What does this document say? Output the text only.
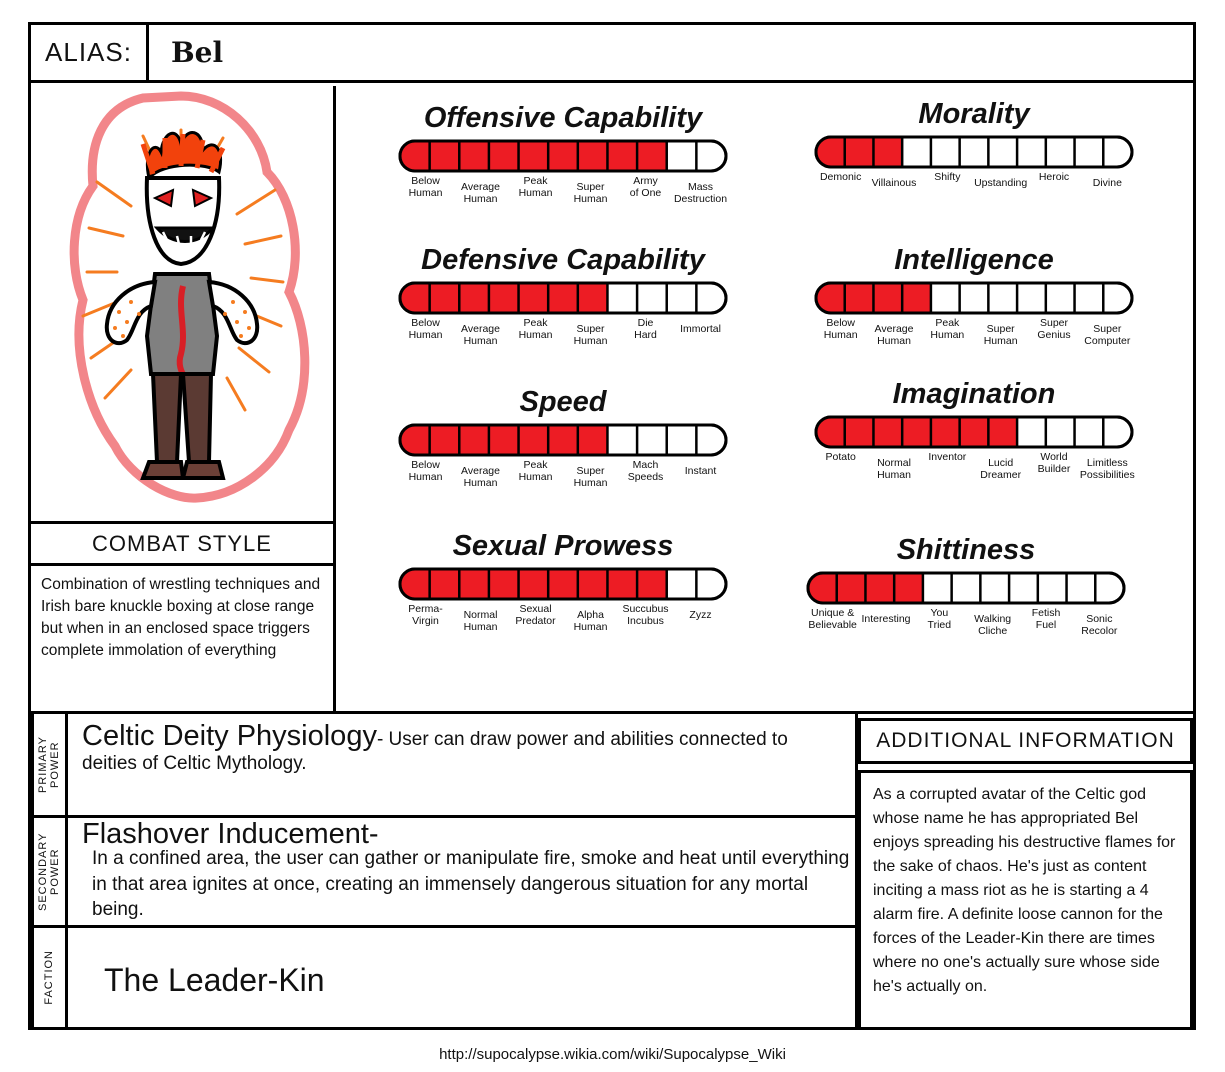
ALIAS:	Bel
COMBAT STYLE
Combination of wrestling techniques and Irish bare knuckle boxing at close range but when in an enclosed space triggers complete immolation of everything
Offensive Capability
Below
Human Average
Human
Peak
Human Super
Human
Army
of One	Mass
Destruction
Defensive Capability
Below
Human Average
Human
Peak
Human Super
Human
Die
Hard Immortal
Speed
Below
Human Average
Human
Peak
Human Super
Human
Mach
Speeds Instant
Sexual Prowess
Perma-
Virgin	Normal
Human
Sexual
Predator	Alpha
Human
Succubus
Incubus	Zyzz
Morality
Demonic Villainous Shifty Upstanding Heroic Divine
Intelligence
Below
Human Average
Human
Peak
Human Super
Human
Super
Genius	Super
Computer
Imagination
Potato Normal
Human
Inventor	Lucid
Dreamer
World
Builder	Limitless
Possibilities
Shittiness
Unique &
Believable Interesting You
Tried Walking
Cliche
Fetish
Fuel	Sonic
Recolor
PRIMARY POWER
Celtic Deity Physiology- User can draw power and abilities connected to deities of Celtic Mythology.
SECONDARY POWER
Flashover Inducement-
In a confined area, the user can gather or manipulate fire, smoke and heat until everything in that area ignites at once, creating an immensely dangerous situation for any mortal being.
FACTION	The Leader-Kin
ADDITIONAL INFORMATION
As a corrupted avatar of the Celtic god whose name he has appropriated Bel enjoys spreading his destructive flames for the sake of chaos. He's just as content inciting a mass riot as he is starting a 4 alarm fire. A definite loose cannon for the forces of the Leader-Kin there are times where no one's actually sure whose side he's actually on.
http://supocalypse.wikia.com/wiki/Supocalypse_Wiki
